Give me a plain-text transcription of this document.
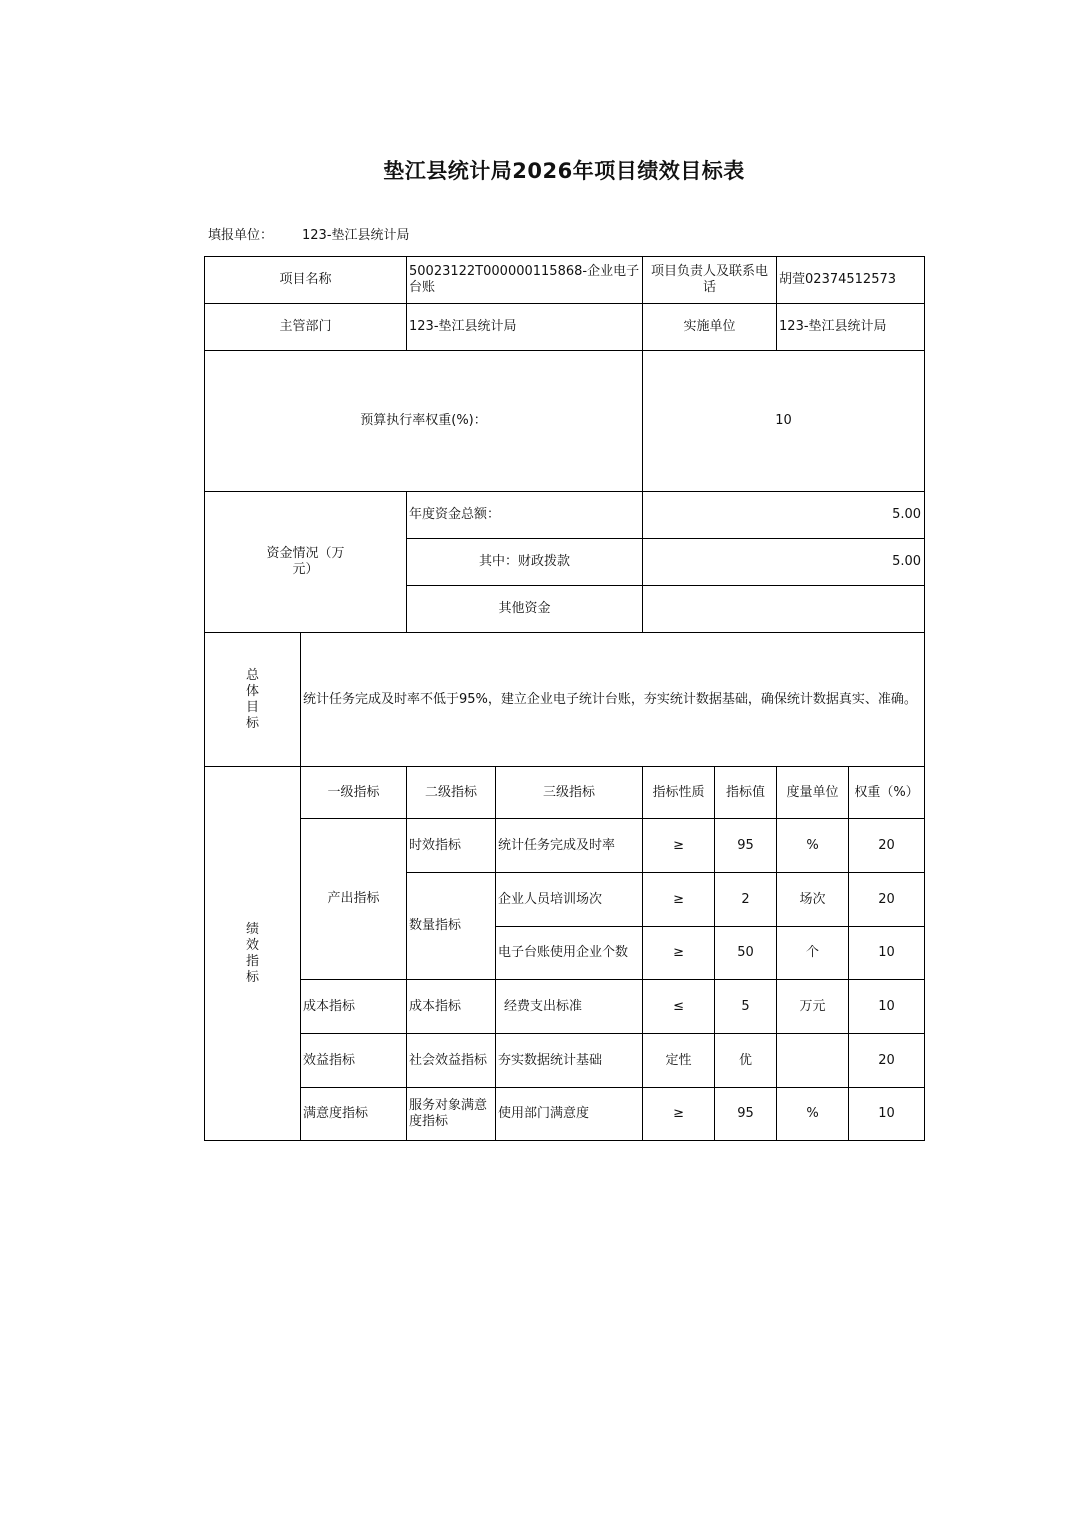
垫江县统计局2026年项目绩效目标表
填报单位： 123-垫江县统计局
项目名称		50023122T000000115868-企业电子台账		项目负责人及联系电话		胡萱02374512573	
主管部门		123-垫江县统计局		实施单位		123-垫江县统计局	
预算执行率权重(%)：				10			
资金情况（万元）		年度资金总额：		5.00			
		其中：财政拨款		5.00			
		其他资金					
总体目标	统计任务完成及时率不低于95%，建立企业电子统计台账，夯实统计数据基础，确保统计数据真实、准确。						
绩效指标	一级指标	二级指标	三级指标	指标性质	指标值	度量单位	权重（%）
	产出指标	时效指标	统计任务完成及时率	≥	95	%	20
		数量指标	企业人员培训场次	≥	2	场次	20
			电子台账使用企业个数	≥	50	个	10
	成本指标	成本指标	经费支出标准	≤	5	万元	10
	效益指标	社会效益指标	夯实数据统计基础	定性	优		20
	满意度指标	服务对象满意度指标	使用部门满意度	≥	95	%	10
